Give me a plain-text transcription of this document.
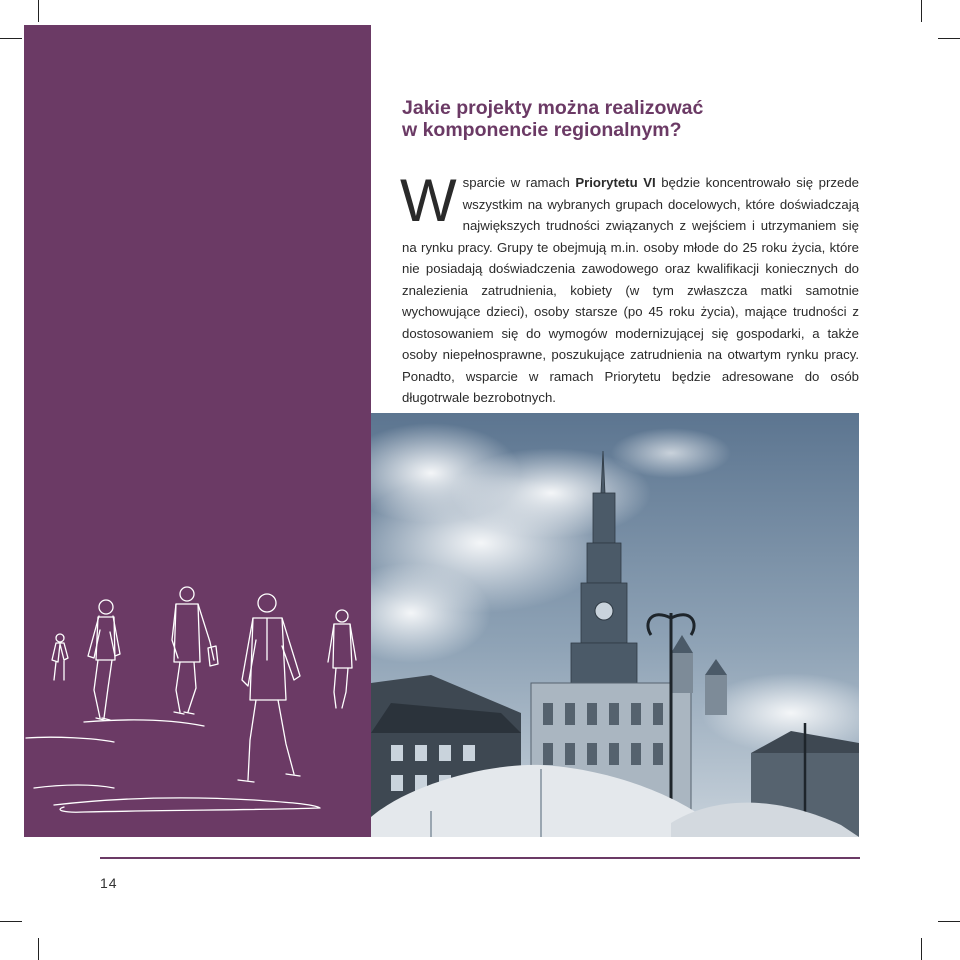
Jakie projekty można realizować
w komponencie regionalnym?
Wsparcie w ramach Priorytetu VI będzie koncentrowało się przede wszystkim na wybranych grupach docelowych, które doświadczają największych trudności związanych z wejściem i utrzymaniem się na rynku pracy. Grupy te obejmują m.in. osoby młode do 25 roku życia, które nie posiadają doświadczenia zawodowego oraz kwalifikacji koniecznych do znalezienia zatrudnienia, kobiety (w tym zwłaszcza matki samotnie wychowujące dzieci), osoby starsze (po 45 roku życia), mające trudności z dostosowaniem się do wymogów modernizującej się gospodarki, a także osoby niepełnosprawne, poszukujące zatrudnienia na otwartym rynku pracy. Ponadto, wsparcie w ramach Priorytetu będzie adresowane do osób długotrwale bezrobotnych.
14
